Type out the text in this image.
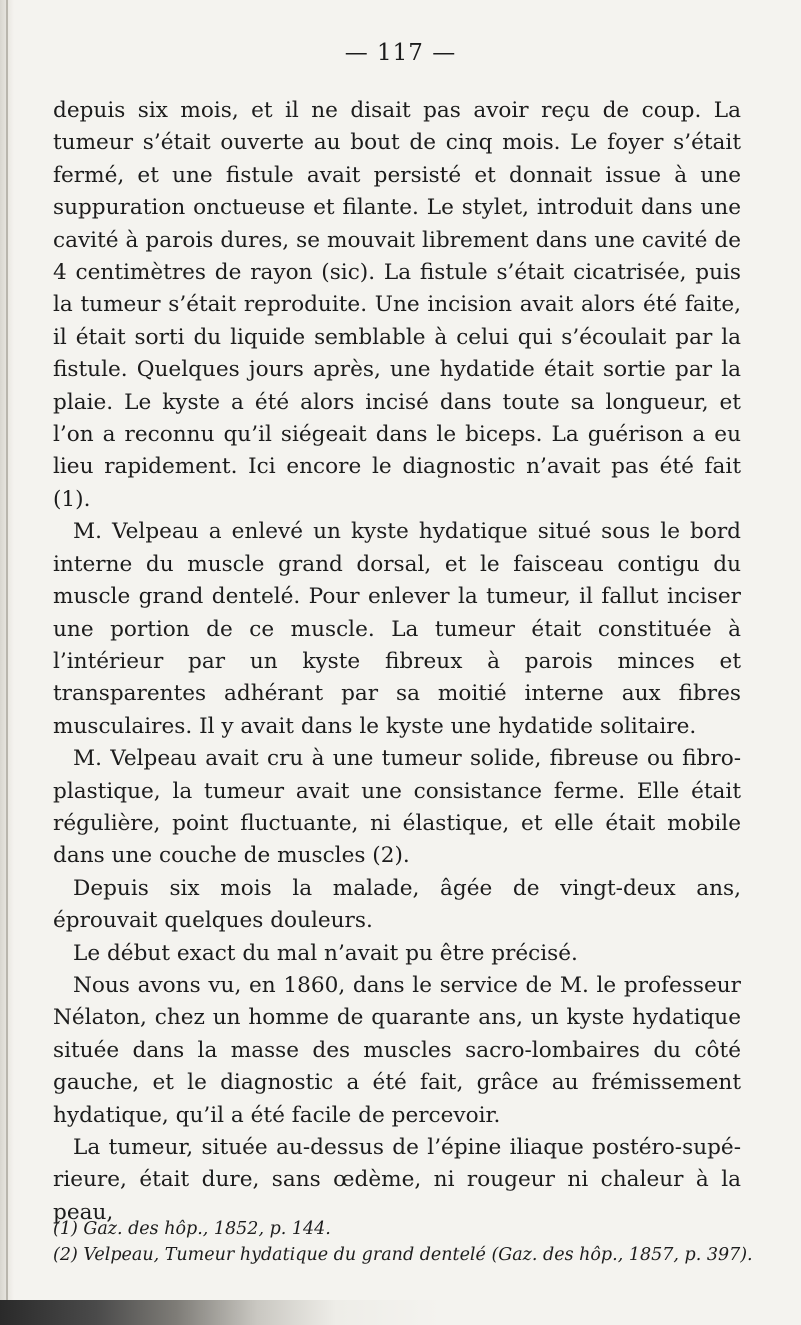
— 117 —

depuis six mois, et il ne disait pas avoir reçu de coup. La tumeur s’était ouverte au bout de cinq mois. Le foyer s’était fermé, et une fistule avait persisté et donnait issue à une suppuration onctueuse et filante. Le stylet, introduit dans une cavité à parois dures, se mouvait librement dans une cavité de 4 centimètres de rayon (sic). La fistule s’était cicatrisée, puis la tumeur s’était reproduite. Une incision avait alors été faite, il était sorti du liquide semblable à celui qui s’écoulait par la fistule. Quelques jours après, une hydatide était sortie par la plaie. Le kyste a été alors incisé dans toute sa longueur, et l’on a reconnu qu’il siégeait dans le biceps. La guérison a eu lieu rapidement. Ici encore le diagnostic n’avait pas été fait (1).

M. Velpeau a enlevé un kyste hydatique situé sous le bord interne du muscle grand dorsal, et le faisceau contigu du muscle grand dentelé. Pour enlever la tumeur, il fallut inciser une portion de ce muscle. La tumeur était constituée à l’intérieur par un kyste fibreux à parois minces et transparentes adhérant par sa moitié interne aux fibres musculaires. Il y avait dans le kyste une hydatide solitaire.

M. Velpeau avait cru à une tumeur solide, fibreuse ou fibroplastique, la tumeur avait une consistance ferme. Elle était régulière, point fluctuante, ni élastique, et elle était mobile dans une couche de muscles (2).

Depuis six mois la malade, âgée de vingt-deux ans, éprouvait quelques douleurs.

Le début exact du mal n’avait pu être précisé.

Nous avons vu, en 1860, dans le service de M. le professeur Nélaton, chez un homme de quarante ans, un kyste hydatique située dans la masse des muscles sacro-lombaires du côté gauche, et le diagnostic a été fait, grâce au frémissement hydatique, qu’il a été facile de percevoir.

La tumeur, située au-dessus de l’épine iliaque postéro-supérieure, était dure, sans œdème, ni rougeur ni chaleur à la peau,

(1) Gaz. des hôp., 1852, p. 144.

(2) Velpeau, Tumeur hydatique du grand dentelé (Gaz. des hôp., 1857, p. 397).
